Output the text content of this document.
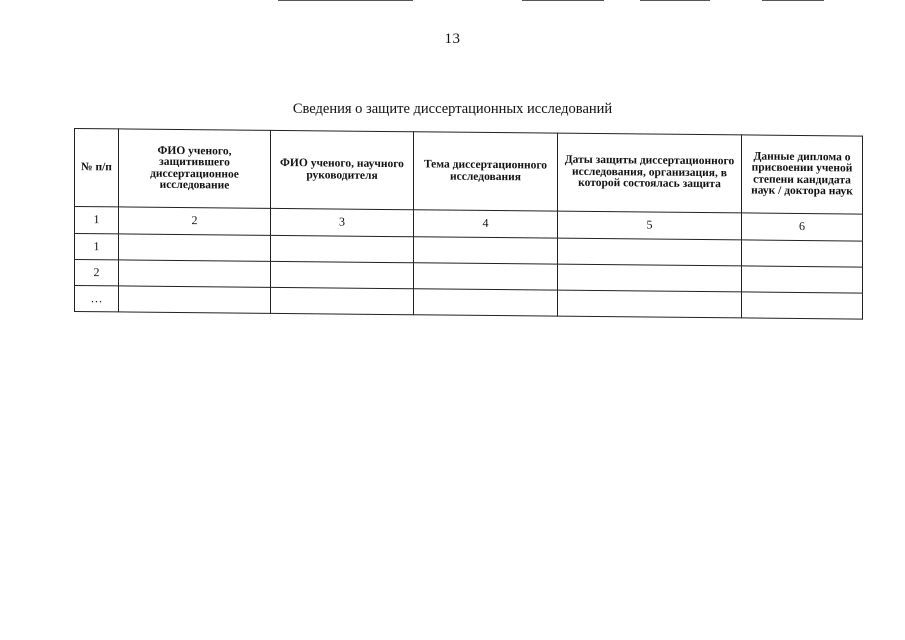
13
Сведения о защите диссертационных исследований
№ п/п	ФИО ученого, защитившего диссертационное исследование	ФИО ученого, научного руководителя	Тема диссертационного исследования	Даты защиты диссертационного исследования, организация, в которой состоялась защита	Данные диплома о присвоении ученой степени кандидата наук / доктора наук
1	2	3	4	5	6
1					
2					
…					
